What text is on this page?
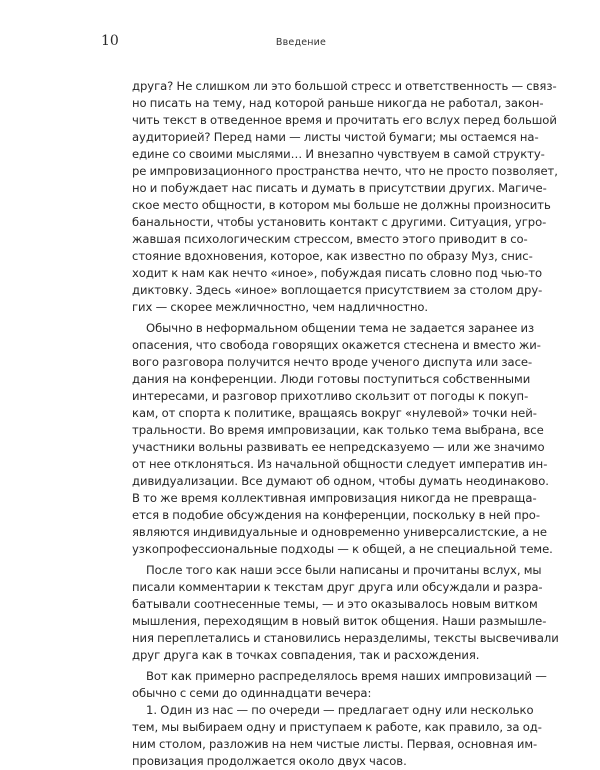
10	Введение

друга? Не слишком ли это большой стресс и ответственность — связ-
но писать на тему, над которой раньше никогда не работал, закон-
чить текст в отведенное время и прочитать его вслух перед большой
аудиторией? Перед нами — листы чистой бумаги; мы остаемся на-
едине со своими мыслями… И внезапно чувствуем в самой структу-
ре импровизационного пространства нечто, что не просто позволяет,
но и побуждает нас писать и думать в присутствии других. Магиче-
ское место общности, в котором мы больше не должны произносить
банальности, чтобы установить контакт с другими. Ситуация, угро-
жавшая психологическим стрессом, вместо этого приводит в со-
стояние вдохновения, которое, как известно по образу Муз, снис-
ходит к нам как нечто «иное», побуждая писать словно под чью-то
диктовку. Здесь «иное» воплощается присутствием за столом дру-
гих — скорее межличностно, чем надличностно.

Обычно в неформальном общении тема не задается заранее из
опасения, что свобода говорящих окажется стеснена и вместо жи-
вого разговора получится нечто вроде ученого диспута или засе-
дания на конференции. Люди готовы поступиться собственными
интересами, и разговор прихотливо скользит от погоды к покуп-
кам, от спорта к политике, вращаясь вокруг «нулевой» точки ней-
тральности. Во время импровизации, как только тема выбрана, все
участники вольны развивать ее непредсказуемо — или же значимо
от нее отклоняться. Из начальной общности следует императив ин-
дивидуализации. Все думают об одном, чтобы думать неодинаково.
В то же время коллективная импровизация никогда не превраща-
ется в подобие обсуждения на конференции, поскольку в ней про-
являются индивидуальные и одновременно универсалистские, а не
узкопрофессиональные подходы — к общей, а не специальной теме.

После того как наши эссе были написаны и прочитаны вслух, мы
писали комментарии к текстам друг друга или обсуждали и разра-
батывали соотнесенные темы, — и это оказывалось новым витком
мышления, переходящим в новый виток общения. Наши размышле-
ния переплетались и становились неразделимы, тексты высвечивали
друг друга как в точках совпадения, так и расхождения.

Вот как примерно распределялось время наших импровизаций —
обычно с семи до одиннадцати вечера:

1. Один из нас — по очереди — предлагает одну или несколько
тем, мы выбираем одну и приступаем к работе, как правило, за од-
ним столом, разложив на нем чистые листы. Первая, основная им-
провизация продолжается около двух часов.
